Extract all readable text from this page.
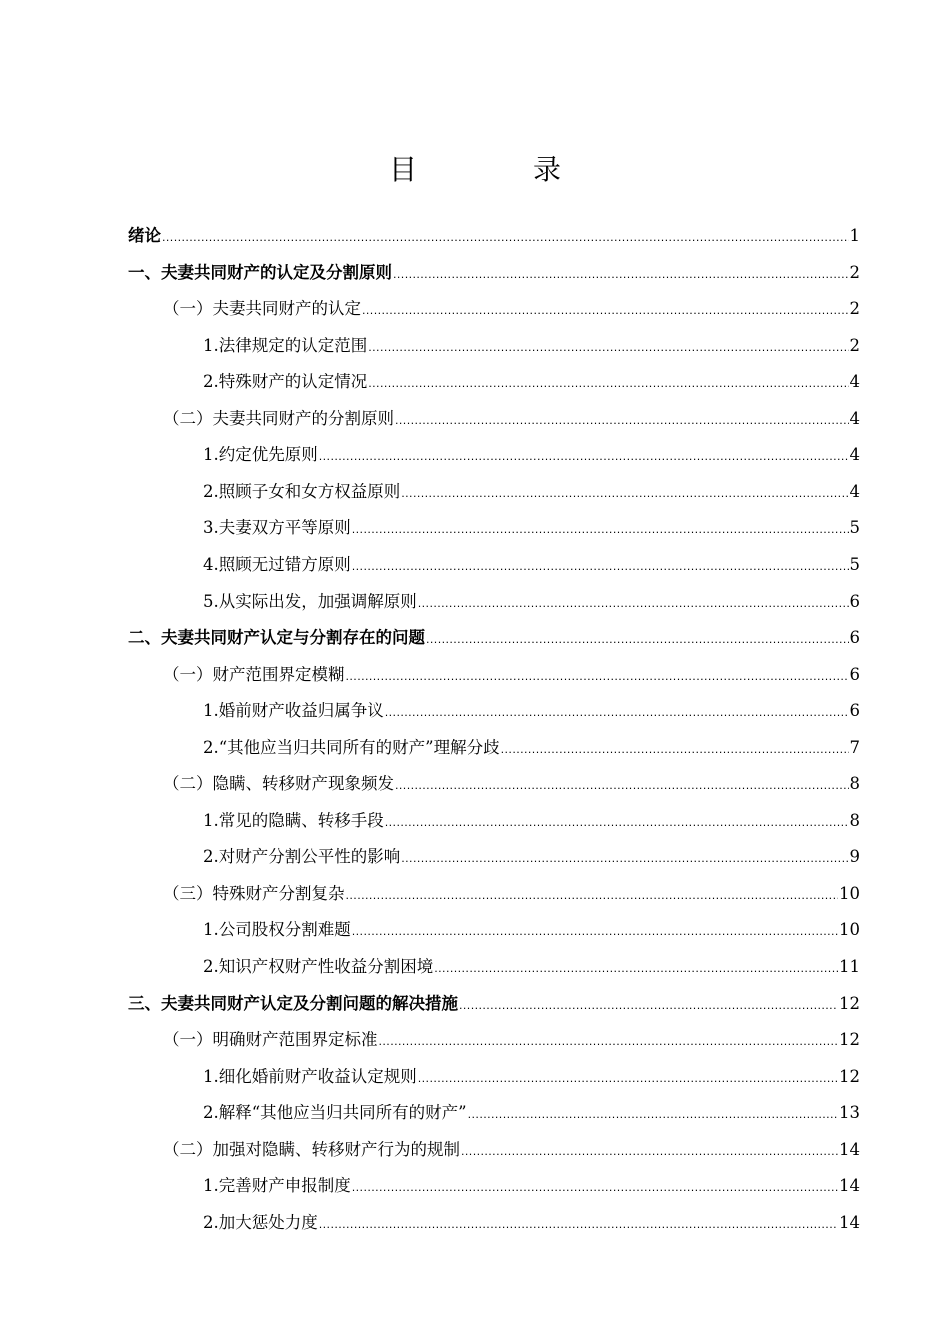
目　录
绪论 .....	1
一、夫妻共同财产的认定及分割原则 .....	2
（一）夫妻共同财产的认定 .....	2
1.法律规定的认定范围 .....	2
2.特殊财产的认定情况 .....	4
（二）夫妻共同财产的分割原则 .....	4
1.约定优先原则 .....	4
2.照顾子女和女方权益原则 .....	4
3.夫妻双方平等原则 .....	5
4.照顾无过错方原则 .....	5
5.从实际出发，加强调解原则 .....	6
二、夫妻共同财产认定与分割存在的问题 .....	6
（一）财产范围界定模糊 .....	6
1.婚前财产收益归属争议 .....	6
2.“其他应当归共同所有的财产”理解分歧 .....	7
（二）隐瞒、转移财产现象频发 .....	8
1.常见的隐瞒、转移手段 .....	8
2.对财产分割公平性的影响 .....	9
（三）特殊财产分割复杂 .....	10
1.公司股权分割难题 .....	10
2.知识产权财产性收益分割困境 .....	11
三、夫妻共同财产认定及分割问题的解决措施 .....	12
（一）明确财产范围界定标准 .....	12
1.细化婚前财产收益认定规则 .....	12
2.解释“其他应当归共同所有的财产” .....	13
（二）加强对隐瞒、转移财产行为的规制 .....	14
1.完善财产申报制度 .....	14
2.加大惩处力度 .....	14
